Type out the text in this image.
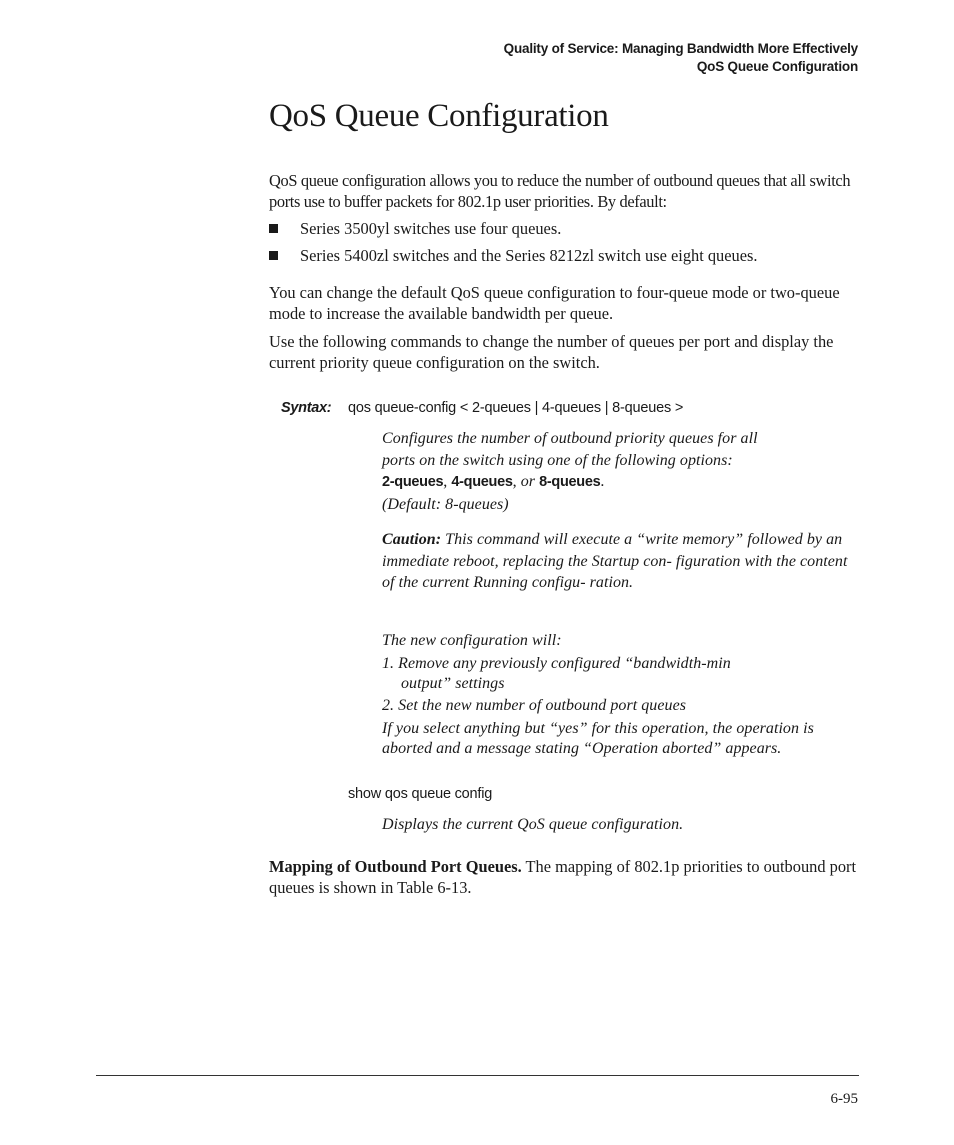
Quality of Service: Managing Bandwidth More Effectively
QoS Queue Configuration
QoS Queue Configuration

QoS queue configuration allows you to reduce the number of outbound queues that all switch ports use to buffer packets for 802.1p user priorities. By default:

Series 3500yl switches use four queues.
Series 5400zl switches and the Series 8212zl switch use eight queues.

You can change the default QoS queue configuration to four-queue mode or two-queue mode to increase the available bandwidth per queue.

Use the following commands to change the number of queues per port and display the current priority queue configuration on the switch.

Syntax: qos queue-config < 2-queues | 4-queues | 8-queues >
Configures the number of outbound priority queues for all
ports on the switch using one of the following options:
2-queues, 4-queues, or 8-queues.
(Default: 8-queues)

Caution: This command will execute a “write memory” followed by an immediate reboot, replacing the Startup con- figuration with the content of the current Running configu- ration.

The new configuration will:
1. Remove any previously configured “bandwidth-min
output” settings
2. Set the new number of outbound port queues

If you select anything but “yes” for this operation, the operation is aborted and a message stating “Operation aborted” appears.

show qos queue config
Displays the current QoS queue configuration.

Mapping of Outbound Port Queues. The mapping of 802.1p priorities to outbound port queues is shown in Table 6-13.

6-95
